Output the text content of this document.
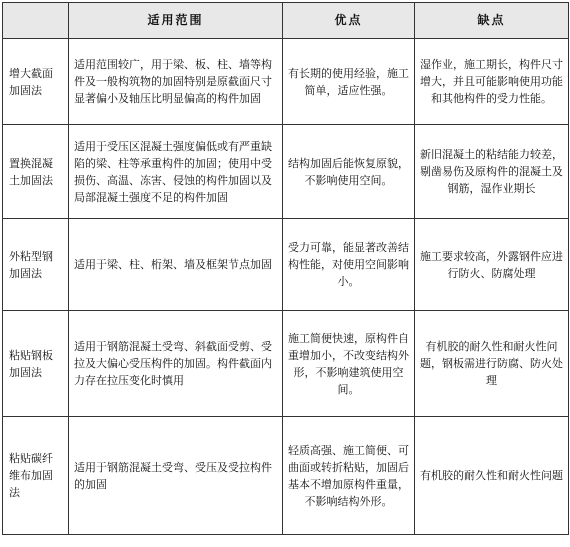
	适用范围	优点	缺点
增大截面加固法	适用范围较广，用于梁、板、柱、墙等构件及一般构筑物的加固特别是原截面尺寸显著偏小及轴压比明显偏高的构件加固	有长期的使用经验，施工简单，适应性强。	湿作业，施工期长，构件尺寸增大，并且可能影响使用功能和其他构件的受力性能。
置换混凝土加固法	适用于受压区混凝土强度偏低或有严重缺陷的梁、柱等承重构件的加固；使用中受损伤、高温、冻害、侵蚀的构件加固以及局部混凝土强度不足的构件加固	结构加固后能恢复原貌，不影响使用空间。	新旧混凝土的粘结能力较差，剔凿易伤及原构件的混凝土及钢筋，湿作业期长
外粘型钢加固法	适用于梁、柱、桁架、墙及框架节点加固	受力可靠，能显著改善结构性能，对使用空间影响小。	施工要求较高，外露钢件应进行防火、防腐处理
粘贴钢板加固法	适用于钢筋混凝土受弯、斜截面受剪、受拉及大偏心受压构件的加固。构件截面内力存在拉压变化时慎用	施工简便快速，原构件自重增加小，不改变结构外形，不影响建筑使用空间。	有机胶的耐久性和耐火性问题，钢板需进行防腐、防火处理
粘贴碳纤维布加固法	适用于钢筋混凝土受弯、受压及受拉构件的加固	轻质高强、施工简便、可曲面或转折粘贴，加固后基本不增加原构件重量，不影响结构外形。	有机胶的耐久性和耐火性问题
